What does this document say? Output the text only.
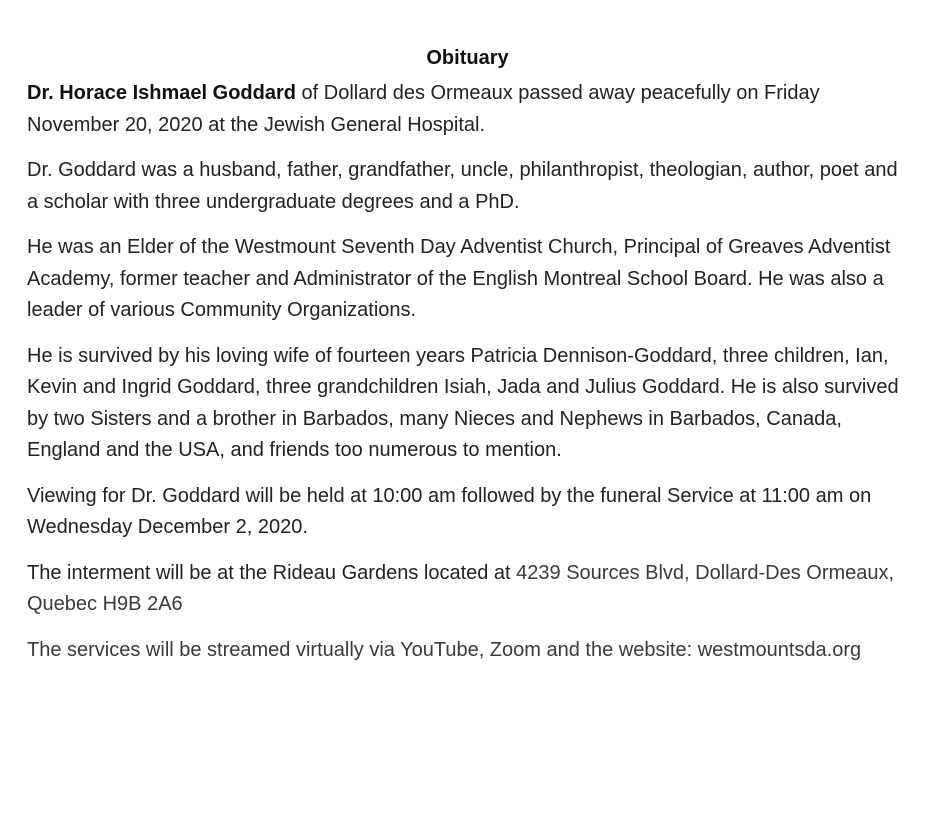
Obituary

Dr. Horace Ishmael Goddard of Dollard des Ormeaux passed away peacefully on Friday November 20, 2020 at the Jewish General Hospital.

Dr. Goddard was a husband, father, grandfather, uncle, philanthropist, theologian, author, poet and a scholar with three undergraduate degrees and a PhD.

He was an Elder of the Westmount Seventh Day Adventist Church, Principal of Greaves Adventist Academy, former teacher and Administrator of the English Montreal School Board. He was also a leader of various Community Organizations.

He is survived by his loving wife of fourteen years Patricia Dennison-Goddard, three children, Ian, Kevin and Ingrid Goddard, three grandchildren Isiah, Jada and Julius Goddard. He is also survived by two Sisters and a brother in Barbados, many Nieces and Nephews in Barbados, Canada, England and the USA, and friends too numerous to mention.

Viewing for Dr. Goddard will be held at 10:00 am followed by the funeral Service at 11:00 am on Wednesday December 2, 2020.

The interment will be at the Rideau Gardens located at 4239 Sources Blvd, Dollard-Des Ormeaux, Quebec H9B 2A6

The services will be streamed virtually via YouTube, Zoom and the website: westmountsda.org
